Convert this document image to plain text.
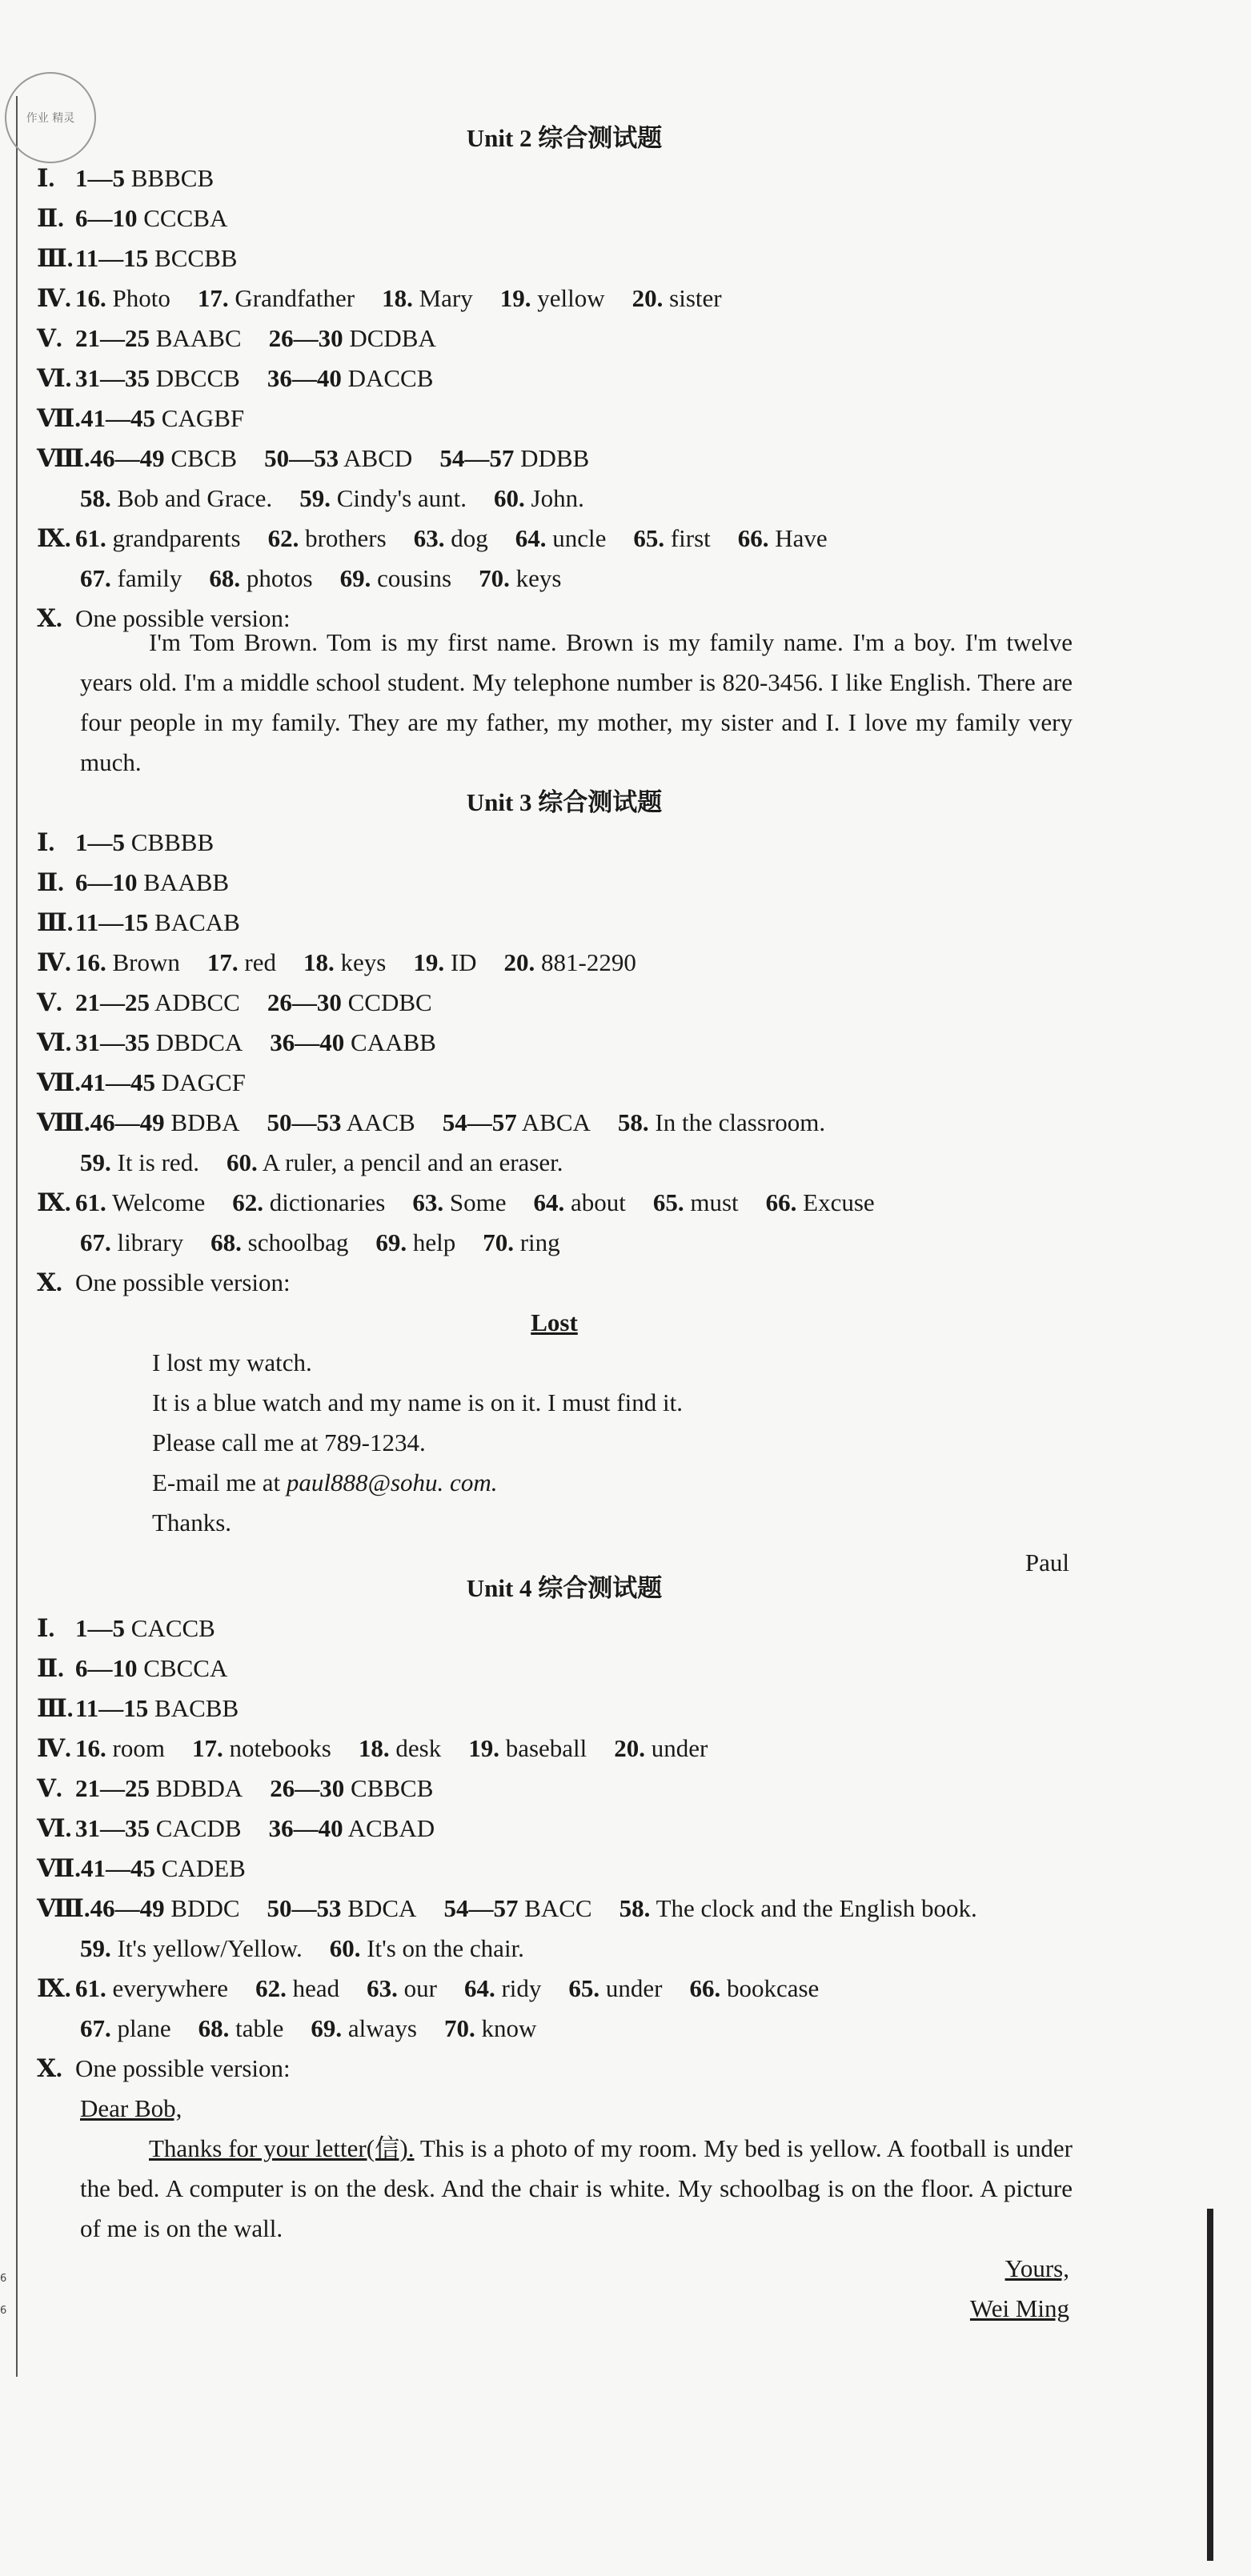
作业 精灵
6
6
Unit 2 综合测试题
Ⅰ. 1—5 BBBCB
Ⅱ. 6—10 CCCBA
Ⅲ.11—15 BCCBB
Ⅳ. 16. Photo 17. Grandfather 18. Mary 19. yellow 20. sister
Ⅴ. 21—25 BAABC 26—30 DCDBA
Ⅵ. 31—35 DBCCB 36—40 DACCB
Ⅶ.41—45 CAGBF
Ⅷ.46—49 CBCB 50—53 ABCD 54—57 DDBB
58. Bob and Grace. 59. Cindy's aunt. 60. John.
Ⅸ. 61. grandparents 62. brothers 63. dog 64. uncle 65. first 66. Have
67. family 68. photos 69. cousins 70. keys
Ⅹ. One possible version:
I'm Tom Brown. Tom is my first name. Brown is my family name. I'm a boy. I'm twelve years old. I'm a middle school student. My telephone number is 820-3456. I like English. There are four people in my family. They are my father, my mother, my sister and I. I love my family very much.
Unit 3 综合测试题
Ⅰ. 1—5 CBBBB
Ⅱ. 6—10 BAABB
Ⅲ.11—15 BACAB
Ⅳ. 16. Brown 17. red 18. keys 19. ID 20. 881-2290
Ⅴ. 21—25 ADBCC 26—30 CCDBC
Ⅵ. 31—35 DBDCA 36—40 CAABB
Ⅶ.41—45 DAGCF
Ⅷ.46—49 BDBA 50—53 AACB 54—57 ABCA 58. In the classroom.
59. It is red. 60. A ruler, a pencil and an eraser.
Ⅸ. 61. Welcome 62. dictionaries 63. Some 64. about 65. must 66. Excuse
67. library 68. schoolbag 69. help 70. ring
Ⅹ. One possible version:
Lost
I lost my watch.
It is a blue watch and my name is on it. I must find it.
Please call me at 789-1234.
E-mail me at paul888@sohu. com.
Thanks.
Paul
Unit 4 综合测试题
Ⅰ. 1—5 CACCB
Ⅱ. 6—10 CBCCA
Ⅲ.11—15 BACBB
Ⅳ. 16. room 17. notebooks 18. desk 19. baseball 20. under
Ⅴ. 21—25 BDBDA 26—30 CBBCB
Ⅵ. 31—35 CACDB 36—40 ACBAD
Ⅶ.41—45 CADEB
Ⅷ.46—49 BDDC 50—53 BDCA 54—57 BACC 58. The clock and the English book.
59. It's yellow/Yellow. 60. It's on the chair.
Ⅸ. 61. everywhere 62. head 63. our 64. ridy 65. under 66. bookcase
67. plane 68. table 69. always 70. know
Ⅹ. One possible version:
Dear Bob,
Thanks for your letter(信). This is a photo of my room. My bed is yellow. A football is under the bed. A computer is on the desk. And the chair is white. My schoolbag is on the floor. A picture of me is on the wall.
Yours,
Wei Ming
